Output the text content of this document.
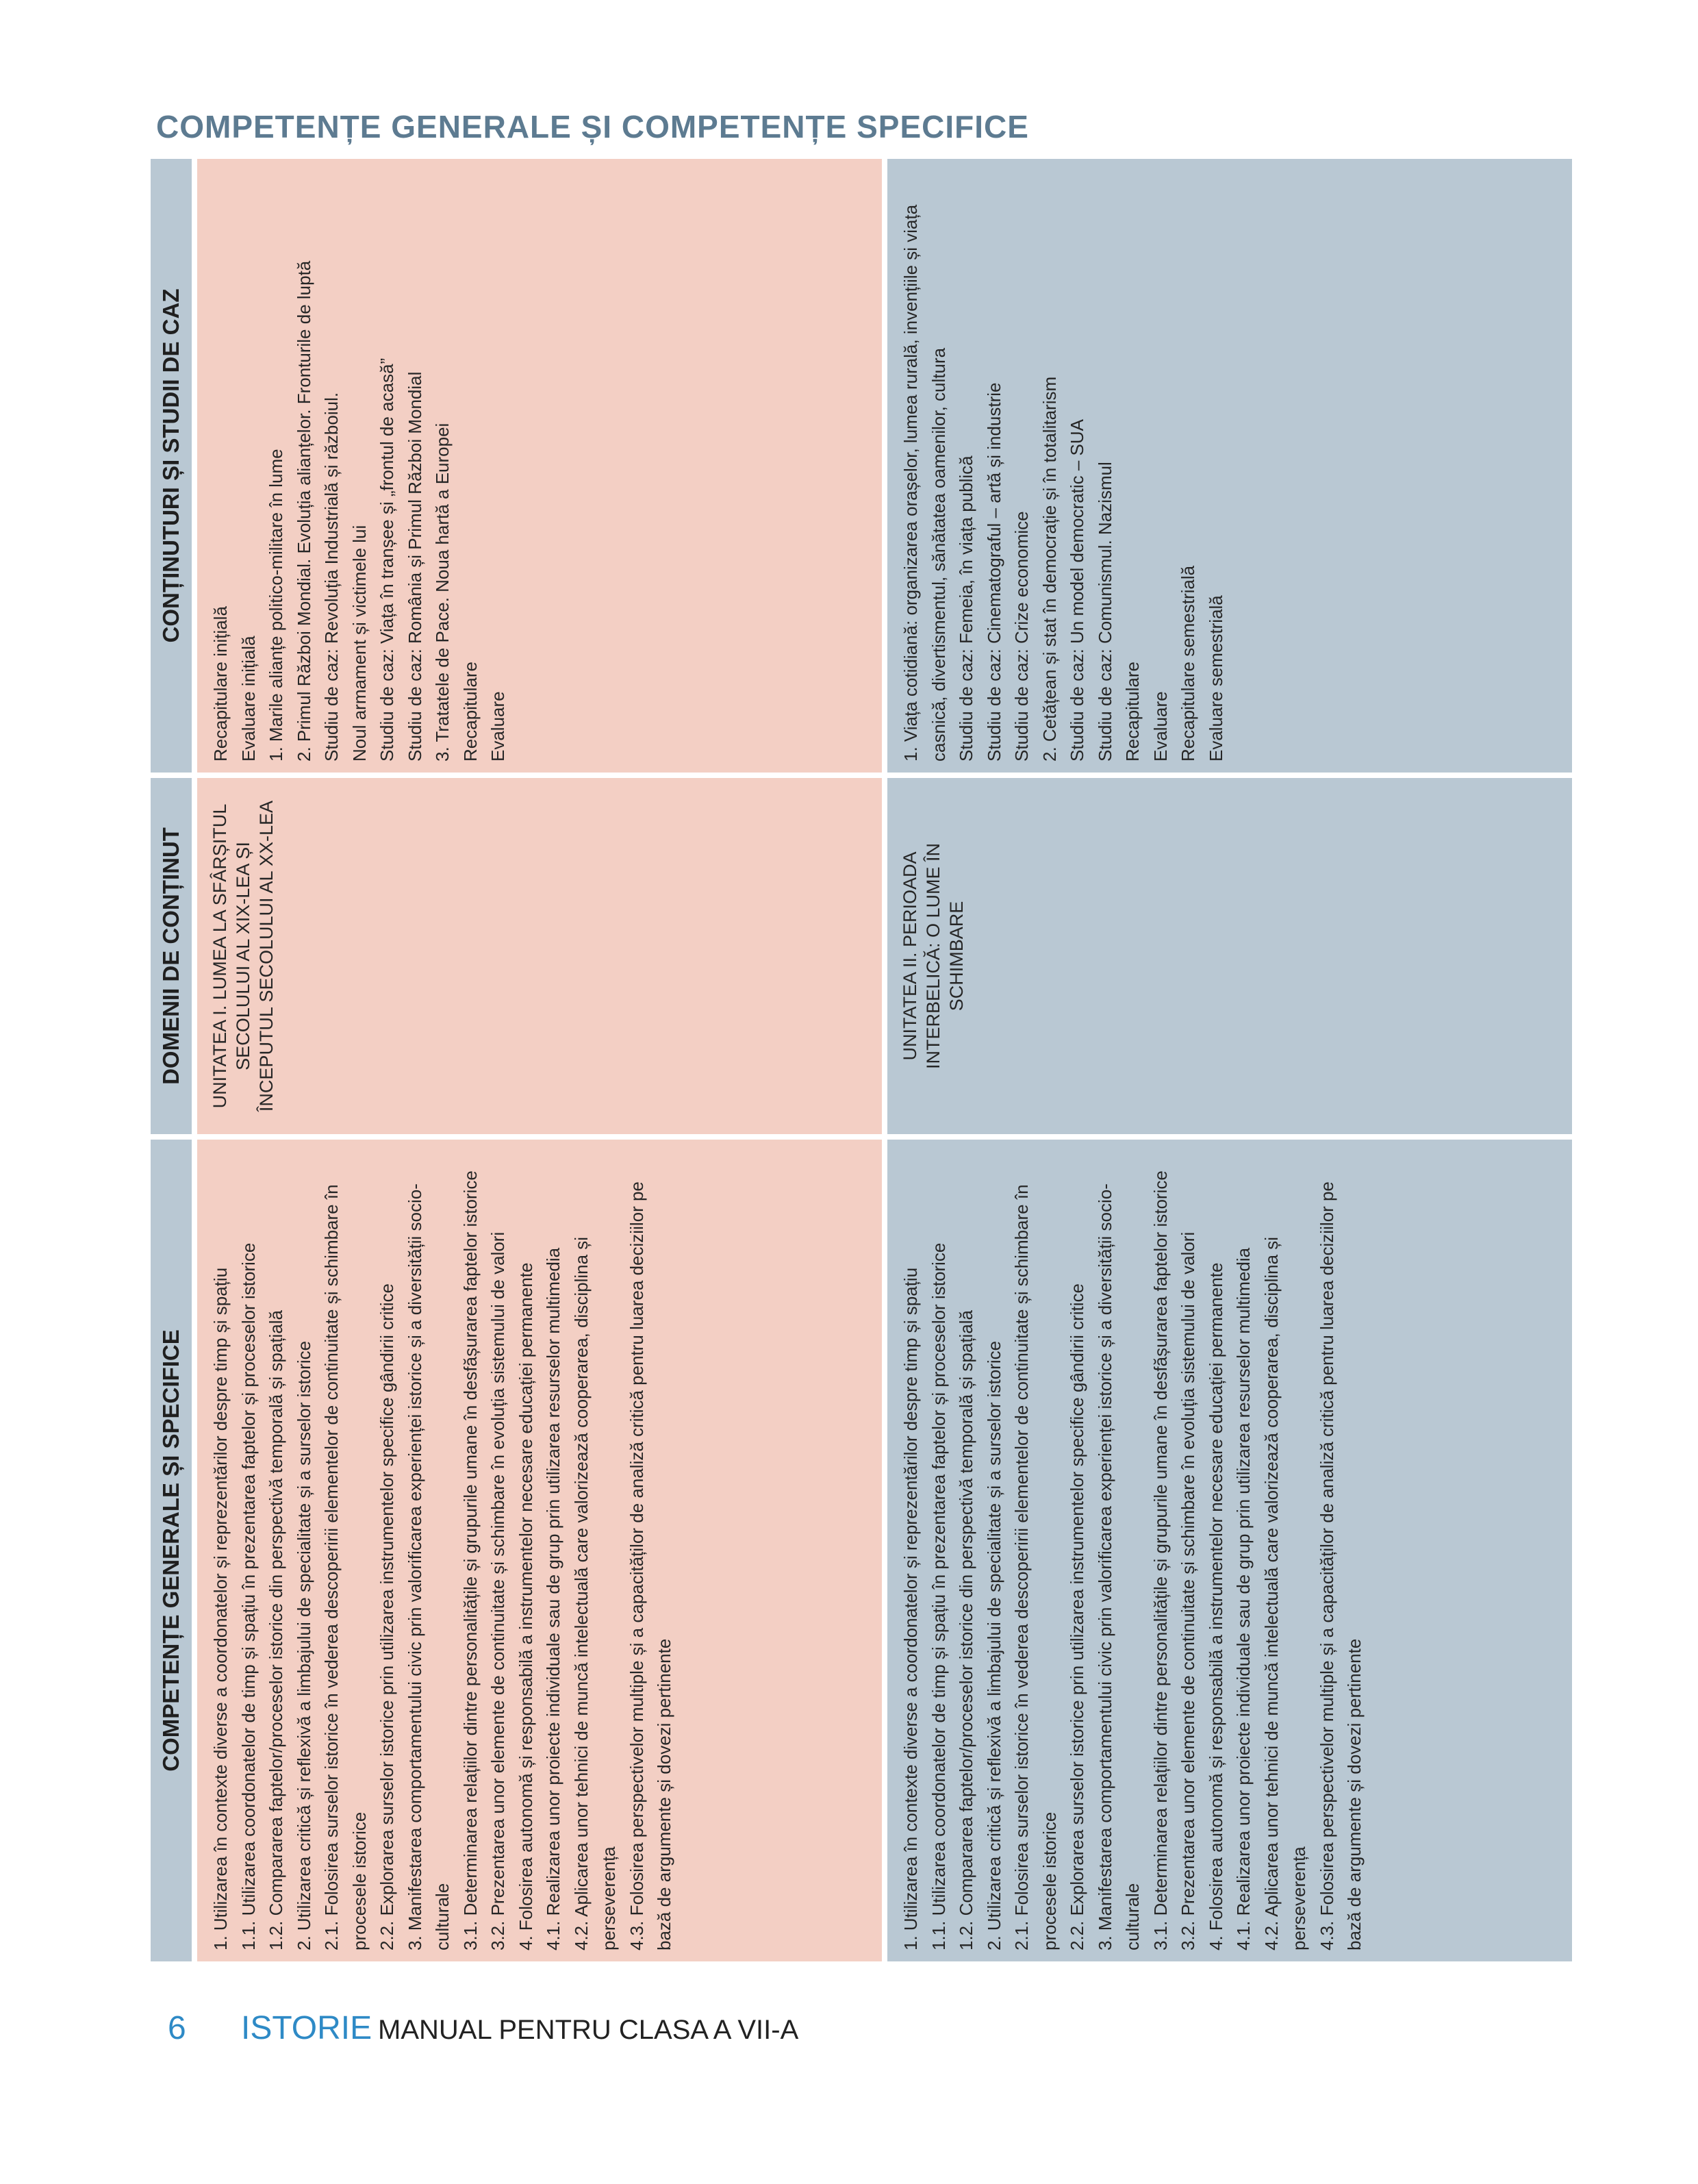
COMPETENȚE GENERALE ȘI COMPETENȚE SPECIFICE
COMPETENȚE GENERALE ȘI SPECIFICE
DOMENII DE CONȚINUT
CONȚINUTURI ȘI STUDII DE CAZ
1. Utilizarea în contexte diverse a coordonatelor și reprezentărilor despre timp și spațiu 1.1. Utilizarea coordonatelor de timp și spațiu în prezentarea faptelor și proceselor istorice 1.2. Compararea faptelor/proceselor istorice din perspectivă temporală și spațială 2. Utilizarea critică și reflexivă a limbajului de specialitate și a surselor istorice 2.1. Folosirea surselor istorice în vederea descoperirii elementelor de continuitate și schimbare în procesele istorice 2.2. Explorarea surselor istorice prin utilizarea instrumentelor specifice gândirii critice 3. Manifestarea comportamentului civic prin valorificarea experienței istorice și a diversității socio-culturale 3.1. Determinarea relațiilor dintre personalitățile și grupurile umane în desfășurarea faptelor istorice 3.2. Prezentarea unor elemente de continuitate și schimbare în evoluția sistemului de valori 4. Folosirea autonomă și responsabilă a instrumentelor necesare educației permanente 4.1. Realizarea unor proiecte individuale sau de grup prin utilizarea resurselor multimedia 4.2. Aplicarea unor tehnici de muncă intelectuală care valorizează cooperarea, disciplina și perseverența 4.3. Folosirea perspectivelor multiple și a capacităților de analiză critică pentru luarea deciziilor pe bază de argumente și dovezi pertinente
UNITATEA I. LUMEA LA SFÂRȘITUL SECOLULUI AL XIX-LEA ȘI ÎNCEPUTUL SECOLULUI AL XX-LEA
Recapitulare inițială Evaluare inițială 1. Marile alianțe politico-militare în lume 2. Primul Război Mondial. Evoluția alianțelor. Fronturile de luptă Studiu de caz: Revoluția Industrială și războiul. Noul armament și victimele lui Studiu de caz: Viața în tranșee și „frontul de acasă” Studiu de caz: România și Primul Război Mondial 3. Tratatele de Pace. Noua hartă a Europei Recapitulare Evaluare
1. Utilizarea în contexte diverse a coordonatelor și reprezentărilor despre timp și spațiu 1.1. Utilizarea coordonatelor de timp și spațiu în prezentarea faptelor și proceselor istorice 1.2. Compararea faptelor/proceselor istorice din perspectivă temporală și spațială 2. Utilizarea critică și reflexivă a limbajului de specialitate și a surselor istorice 2.1. Folosirea surselor istorice în vederea descoperirii elementelor de continuitate și schimbare în procesele istorice 2.2. Explorarea surselor istorice prin utilizarea instrumentelor specifice gândirii critice 3. Manifestarea comportamentului civic prin valorificarea experienței istorice și a diversității socio-culturale 3.1. Determinarea relațiilor dintre personalitățile și grupurile umane în desfășurarea faptelor istorice 3.2. Prezentarea unor elemente de continuitate și schimbare în evoluția sistemului de valori 4. Folosirea autonomă și responsabilă a instrumentelor necesare educației permanente 4.1. Realizarea unor proiecte individuale sau de grup prin utilizarea resurselor multimedia 4.2. Aplicarea unor tehnici de muncă intelectuală care valorizează cooperarea, disciplina și perseverența 4.3. Folosirea perspectivelor multiple și a capacităților de analiză critică pentru luarea deciziilor pe bază de argumente și dovezi pertinente
UNITATEA II. PERIOADA INTERBELICĂ: O LUME ÎN SCHIMBARE
1. Viața cotidiană: organizarea orașelor, lumea rurală, invențiile și viața casnică, divertismentul, sănătatea oamenilor, cultura Studiu de caz: Femeia, în viața publică Studiu de caz: Cinematograful – artă și industrie Studiu de caz: Crize economice 2. Cetățean și stat în democrație și în totalitarism Studiu de caz: Un model democratic – SUA Studiu de caz: Comunismul. Nazismul Recapitulare Evaluare Recapitulare semestrială Evaluare semestrială
6 ISTORIE MANUAL PENTRU CLASA A VII-A
